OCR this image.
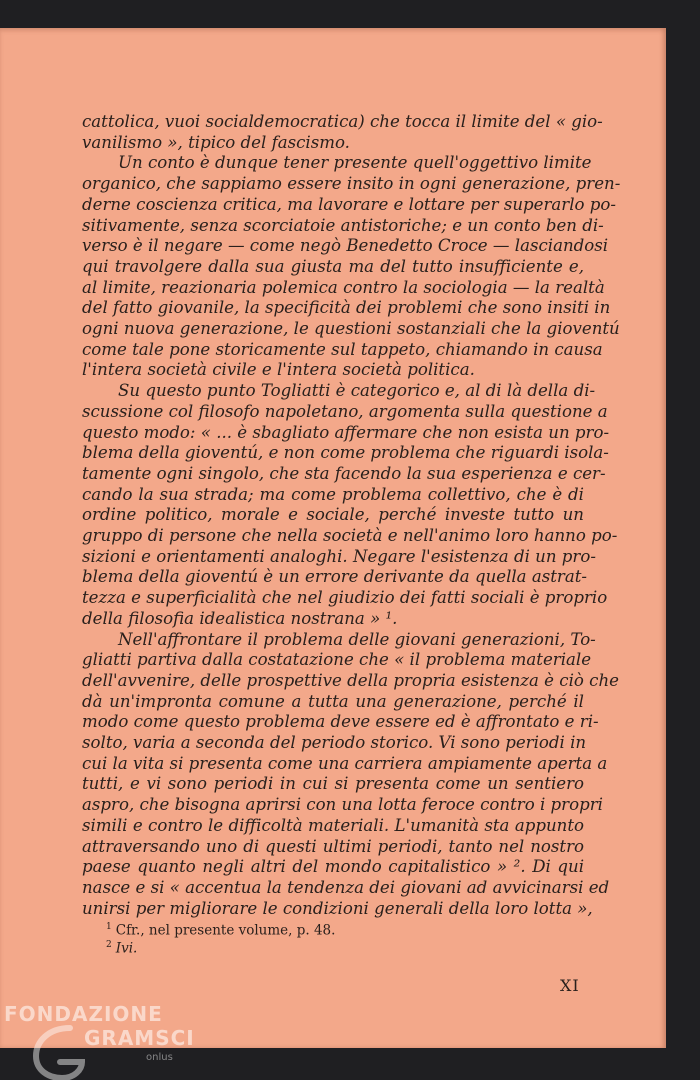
cattolica, vuoi socialdemocratica) che tocca il limite del « gio-
vanilismo », tipico del fascismo.
Un conto è dunque tener presente quell'oggettivo limite
organico, che sappiamo essere insito in ogni generazione, pren-
derne coscienza critica, ma lavorare e lottare per superarlo po-
sitivamente, senza scorciatoie antistoriche; e un conto ben di-
verso è il negare — come negò Benedetto Croce — lasciandosi
qui travolgere dalla sua giusta ma del tutto insufficiente e,
al limite, reazionaria polemica contro la sociologia — la realtà
del fatto giovanile, la specificità dei problemi che sono insiti in
ogni nuova generazione, le questioni sostanziali che la gioventú
come tale pone storicamente sul tappeto, chiamando in causa
l'intera società civile e l'intera società politica.
Su questo punto Togliatti è categorico e, al di là della di-
scussione col filosofo napoletano, argomenta sulla questione a
questo modo: « ... è sbagliato affermare che non esista un pro-
blema della gioventú, e non come problema che riguardi isola-
tamente ogni singolo, che sta facendo la sua esperienza e cer-
cando la sua strada; ma come problema collettivo, che è di
ordine politico, morale e sociale, perché investe tutto un
gruppo di persone che nella società e nell'animo loro hanno po-
sizioni e orientamenti analoghi. Negare l'esistenza di un pro-
blema della gioventú è un errore derivante da quella astrat-
tezza e superficialità che nel giudizio dei fatti sociali è proprio
della filosofia idealistica nostrana » ¹.
Nell'affrontare il problema delle giovani generazioni, To-
gliatti partiva dalla costatazione che « il problema materiale
dell'avvenire, delle prospettive della propria esistenza è ciò che
dà un'impronta comune a tutta una generazione, perché il
modo come questo problema deve essere ed è affrontato e ri-
solto, varia a seconda del periodo storico. Vi sono periodi in
cui la vita si presenta come una carriera ampiamente aperta a
tutti, e vi sono periodi in cui si presenta come un sentiero
aspro, che bisogna aprirsi con una lotta feroce contro i propri
simili e contro le difficoltà materiali. L'umanità sta appunto
attraversando uno di questi ultimi periodi, tanto nel nostro
paese quanto negli altri del mondo capitalistico » ². Di qui
nasce e si « accentua la tendenza dei giovani ad avvicinarsi ed
unirsi per migliorare le condizioni generali della loro lotta »,
$^1$ Cfr., nel presente volume, p. 48.
$^2$ Ivi.
XI
FONDAZIONE
GRAMSCI
onlus
